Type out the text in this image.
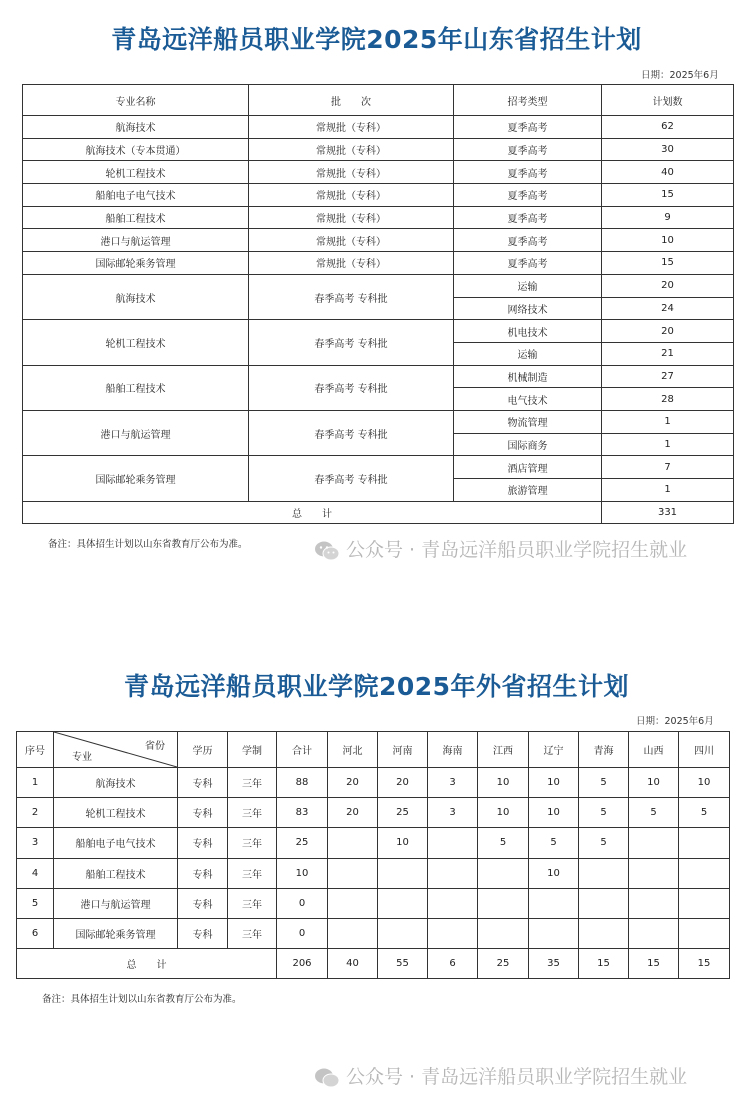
青岛远洋船员职业学院2025年山东省招生计划
日期：2025年6月
专业名称	批　　次	招考类型	计划数
航海技术	常规批（专科）	夏季高考	62
航海技术（专本贯通）	常规批（专科）	夏季高考	30
轮机工程技术	常规批（专科）	夏季高考	40
船舶电子电气技术	常规批（专科）	夏季高考	15
船舶工程技术	常规批（专科）	夏季高考	9
港口与航运管理	常规批（专科）	夏季高考	10
国际邮轮乘务管理	常规批（专科）	夏季高考	15
航海技术	春季高考 专科批	运输	20
		网络技术	24
轮机工程技术	春季高考 专科批	机电技术	20
		运输	21
船舶工程技术	春季高考 专科批	机械制造	27
		电气技术	28
港口与航运管理	春季高考 专科批	物流管理	1
		国际商务	1
国际邮轮乘务管理	春季高考 专科批	酒店管理	7
		旅游管理	1
总　　计			331
备注：具体招生计划以山东省教育厅公布为准。	公众号 · 青岛远洋船员职业学院招生就业
青岛远洋船员职业学院2025年外省招生计划
日期：2025年6月
序号	省份
专业	学历	学制	合计	河北	河南	海南	江西	辽宁	青海	山西	四川
1	航海技术	专科	三年	88	20	20	3	10	10	5	10	10
2	轮机工程技术	专科	三年	83	20	25	3	10	10	5	5	5
3	船舶电子电气技术	专科	三年	25		10		5	5	5		
4	船舶工程技术	专科	三年	10					10			
5	港口与航运管理	专科	三年	0								
6	国际邮轮乘务管理	专科	三年	0								
总　　计				206	40	55	6	25	35	15	15	15
备注：具体招生计划以山东省教育厅公布为准。
公众号 · 青岛远洋船员职业学院招生就业
